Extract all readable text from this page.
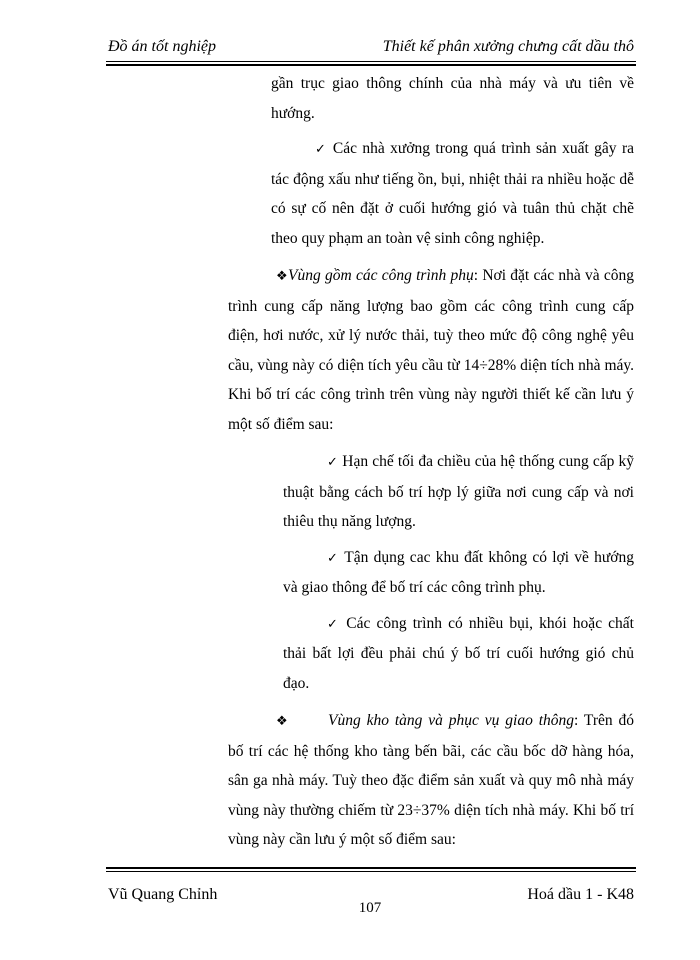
Đồ án tốt nghiệp	Thiết kế phân xưởng chưng cất dầu thô

gần trục giao thông chính của nhà máy và ưu tiên về hướng.

✓ Các nhà xưởng trong quá trình sản xuất gây ra tác động xấu như tiếng ồn, bụi, nhiệt thải ra nhiều hoặc dễ có sự cố nên đặt ở cuối hướng gió và tuân thủ chặt chẽ theo quy phạm an toàn vệ sinh công nghiệp.

❖Vùng gồm các công trình phụ: Nơi đặt các nhà và công trình cung cấp năng lượng bao gồm các công trình cung cấp điện, hơi nước, xử lý nước thải, tuỳ theo mức độ công nghệ yêu cầu, vùng này có diện tích yêu cầu từ 14÷28% diện tích nhà máy. Khi bố trí các công trình trên vùng này người thiết kế cần lưu ý một số điểm sau:

✓ Hạn chế tối đa chiều của hệ thống cung cấp kỹ thuật bằng cách bố trí hợp lý giữa nơi cung cấp và nơi thiêu thụ năng lượng.

✓ Tận dụng cac khu đất không có lợi về hướng và giao thông để bố trí các công trình phụ.

✓ Các công trình có nhiều bụi, khói hoặc chất thải bất lợi đều phải chú ý bố trí cuối hướng gió chủ đạo.

❖	Vùng kho tàng và phục vụ giao thông: Trên đó bố trí các hệ thống kho tàng bến bãi, các cầu bốc dỡ hàng hóa, sân ga nhà máy. Tuỳ theo đặc điểm sản xuất và quy mô nhà máy vùng này thường chiếm từ 23÷37% diện tích nhà máy. Khi bố trí vùng này cần lưu ý một số điểm sau:

Vũ Quang Chỉnh	Hoá dầu 1 - K48
107
